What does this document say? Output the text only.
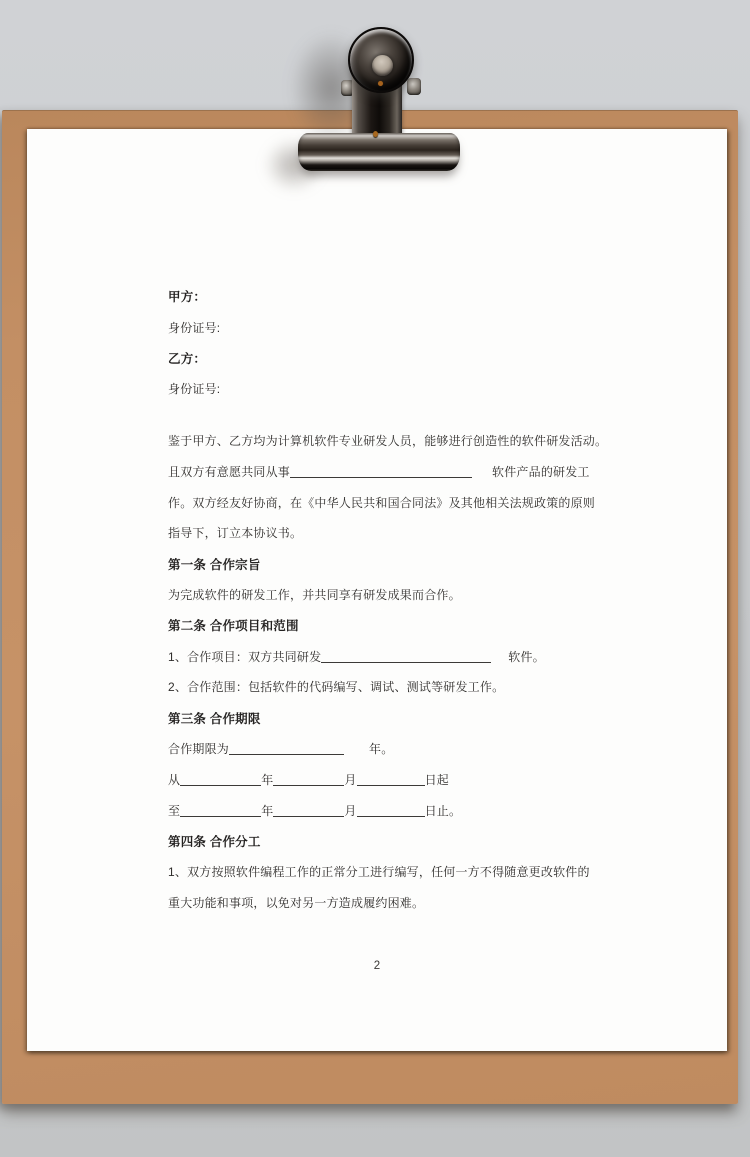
甲方：
身份证号:
乙方：
身份证号:
鉴于甲方、乙方均为计算机软件专业研发人员，能够进行创造性的软件研发活动。
且双方有意愿共同从事	软件产品的研发工
作。双方经友好协商，在《中华人民共和国合同法》及其他相关法规政策的原则
指导下，订立本协议书。
第一条 合作宗旨
为完成软件的研发工作，并共同享有研发成果而合作。
第二条 合作项目和范围
1、合作项目：双方共同研发	软件。
2、合作范围：包括软件的代码编写、调试、测试等研发工作。
第三条 合作期限
合作期限为	年。
从	年	月	日起
至	年	月	日止。
第四条 合作分工
1、双方按照软件编程工作的正常分工进行编写，任何一方不得随意更改软件的
重大功能和事项，以免对另一方造成履约困难。
2
